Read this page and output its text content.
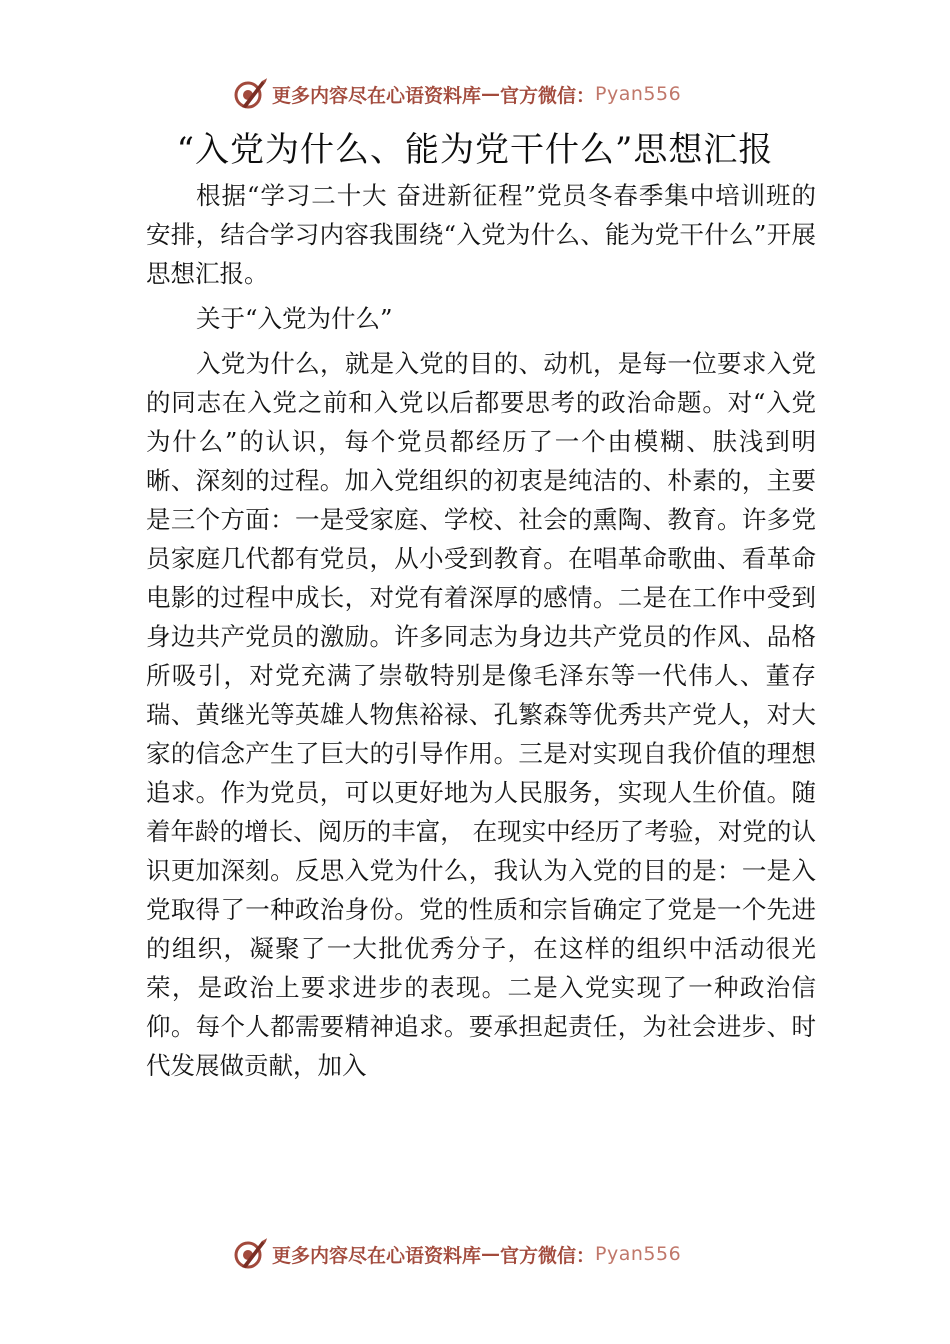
更多内容尽在心语资料库 — 官方微信： Pyan556
“入党为什么、能为党干什么”思想汇报

根据“学习二十大 奋进新征程”党员冬春季集中培训班的安排，结合学习内容我围绕“入党为什么、能为党干什么”开展思想汇报。

关于“入党为什么”

入党为什么，就是入党的目的、动机，是每一位要求入党的同志在入党之前和入党以后都要思考的政治命题。对“入党为什么”的认识，每个党员都经历了一个由模糊、肤浅到明晰、深刻的过程。加入党组织的初衷是纯洁的、朴素的，主要是三个方面：一是受家庭、学校、社会的熏陶、教育。许多党员家庭几代都有党员，从小受到教育。在唱革命歌曲、看革命电影的过程中成长，对党有着深厚的感情。二是在工作中受到身边共产党员的激励。许多同志为身边共产党员的作风、品格所吸引，对党充满了崇敬特别是像毛泽东等一代伟人、董存瑞、黄继光等英雄人物焦裕禄、孔繁森等优秀共产党人，对大家的信念产生了巨大的引导作用。三是对实现自我价值的理想追求。作为党员，可以更好地为人民服务，实现人生价值。随着年龄的增长、阅历的丰富， 在现实中经历了考验，对党的认识更加深刻。反思入党为什么，我认为入党的目的是：一是入党取得了一种政治身份。党的性质和宗旨确定了党是一个先进的组织，凝聚了一大批优秀分子，在这样的组织中活动很光荣，是政治上要求进步的表现。二是入党实现了一种政治信仰。每个人都需要精神追求。要承担起责任，为社会进步、时代发展做贡献，加入

更多内容尽在心语资料库 — 官方微信： Pyan556
